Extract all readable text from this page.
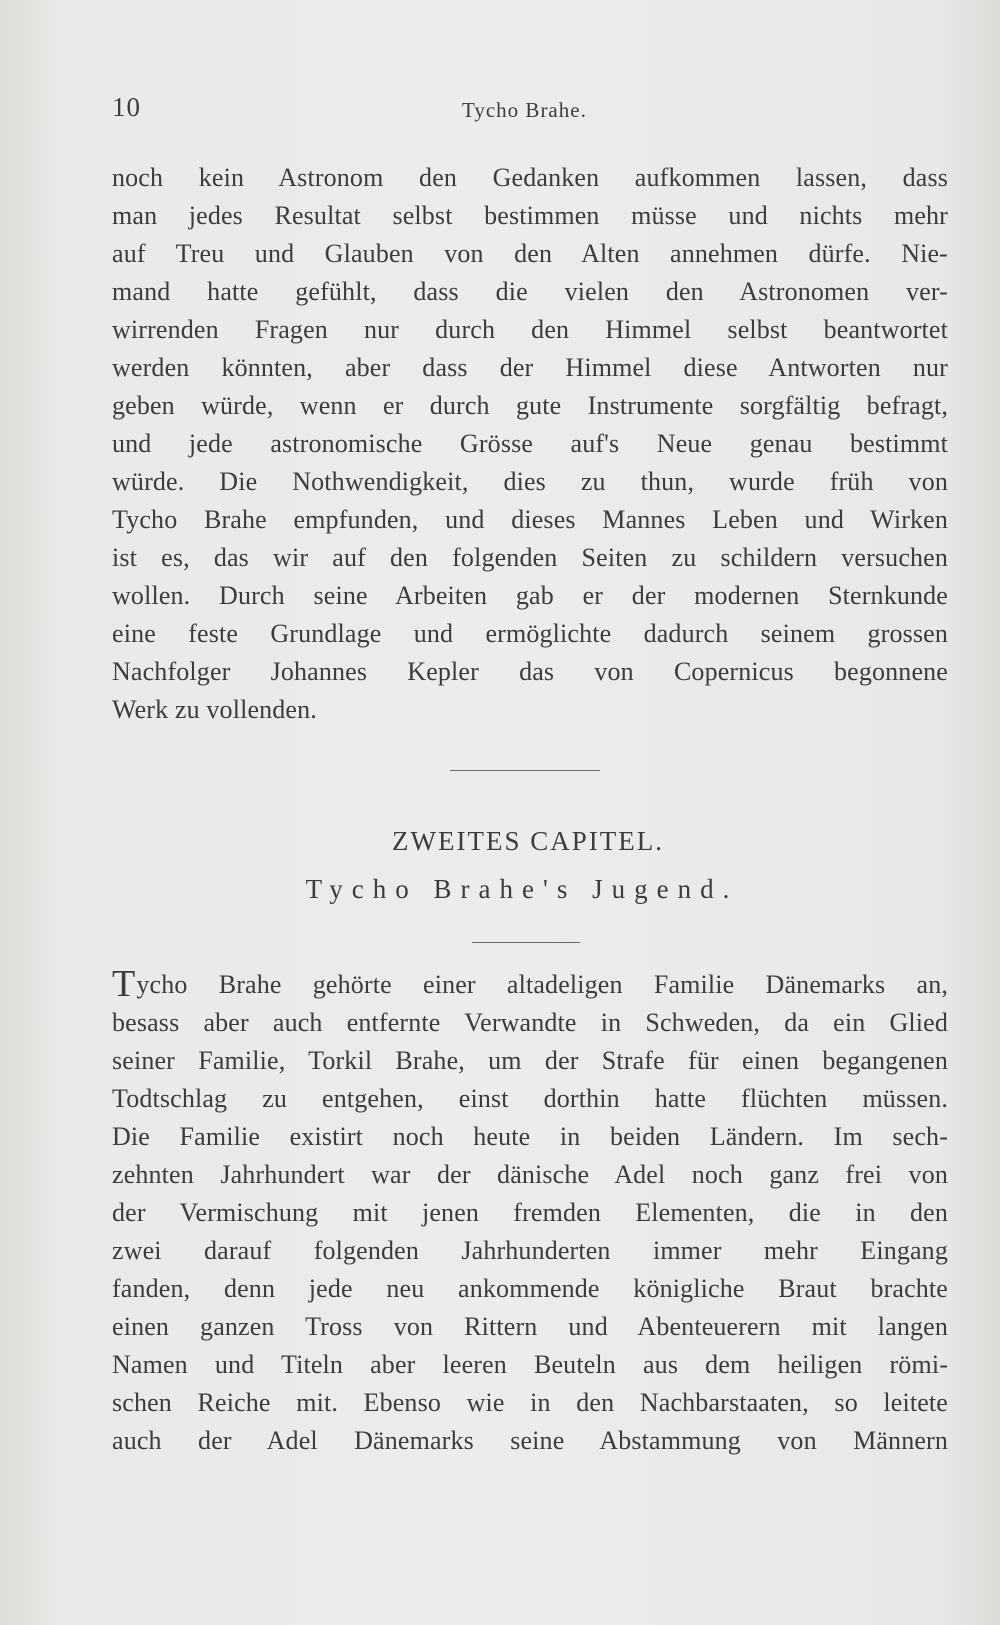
10	Tycho Brahe.
noch kein Astronom den Gedanken aufkommen lassen, dass
man jedes Resultat selbst bestimmen müsse und nichts mehr
auf Treu und Glauben von den Alten annehmen dürfe. Nie-
mand hatte gefühlt, dass die vielen den Astronomen ver-
wirrenden Fragen nur durch den Himmel selbst beantwortet
werden könnten, aber dass der Himmel diese Antworten nur
geben würde, wenn er durch gute Instrumente sorgfältig befragt,
und jede astronomische Grösse auf's Neue genau bestimmt
würde. Die Nothwendigkeit, dies zu thun, wurde früh von
Tycho Brahe empfunden, und dieses Mannes Leben und Wirken
ist es, das wir auf den folgenden Seiten zu schildern versuchen
wollen. Durch seine Arbeiten gab er der modernen Sternkunde
eine feste Grundlage und ermöglichte dadurch seinem grossen
Nachfolger Johannes Kepler das von Copernicus begonnene
Werk zu vollenden.
ZWEITES CAPITEL.
Tycho Brahe's Jugend.
Tycho Brahe gehörte einer altadeligen Familie Dänemarks an,
besass aber auch entfernte Verwandte in Schweden, da ein Glied
seiner Familie, Torkil Brahe, um der Strafe für einen begangenen
Todtschlag zu entgehen, einst dorthin hatte flüchten müssen.
Die Familie existirt noch heute in beiden Ländern. Im sech-
zehnten Jahrhundert war der dänische Adel noch ganz frei von
der Vermischung mit jenen fremden Elementen, die in den
zwei darauf folgenden Jahrhunderten immer mehr Eingang
fanden, denn jede neu ankommende königliche Braut brachte
einen ganzen Tross von Rittern und Abenteuerern mit langen
Namen und Titeln aber leeren Beuteln aus dem heiligen römi-
schen Reiche mit. Ebenso wie in den Nachbarstaaten, so leitete
auch der Adel Dänemarks seine Abstammung von Männern
